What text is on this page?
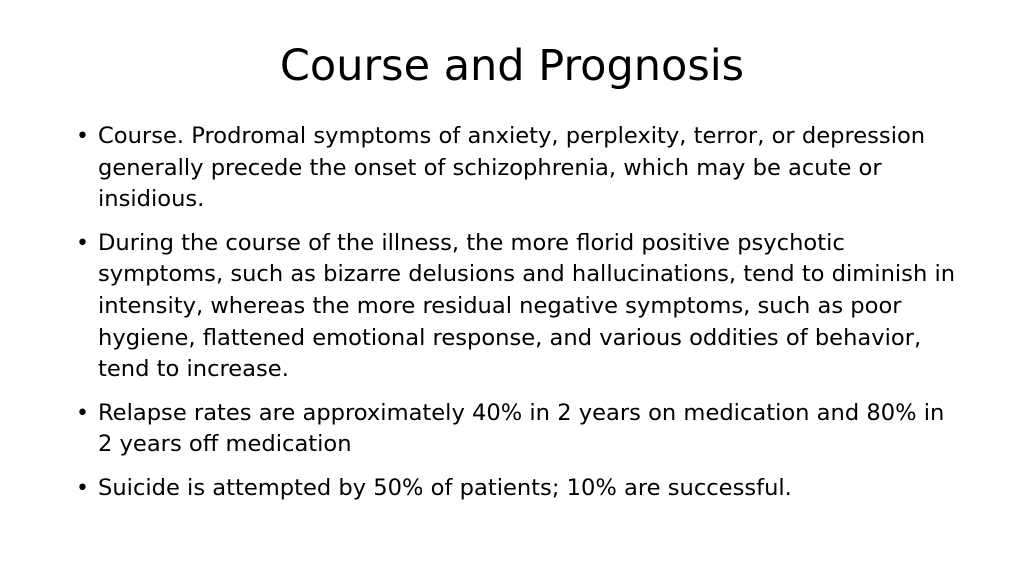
Course and Prognosis
• Course. Prodromal symptoms of anxiety, perplexity, terror, or depression generally precede the onset of schizophrenia, which may be acute or insidious.
• During the course of the illness, the more florid positive psychotic symptoms, such as bizarre delusions and hallucinations, tend to diminish in intensity, whereas the more residual negative symptoms, such as poor hygiene, flattened emotional response, and various oddities of behavior, tend to increase.
• Relapse rates are approximately 40% in 2 years on medication and 80% in 2 years off medication
• Suicide is attempted by 50% of patients; 10% are successful.
